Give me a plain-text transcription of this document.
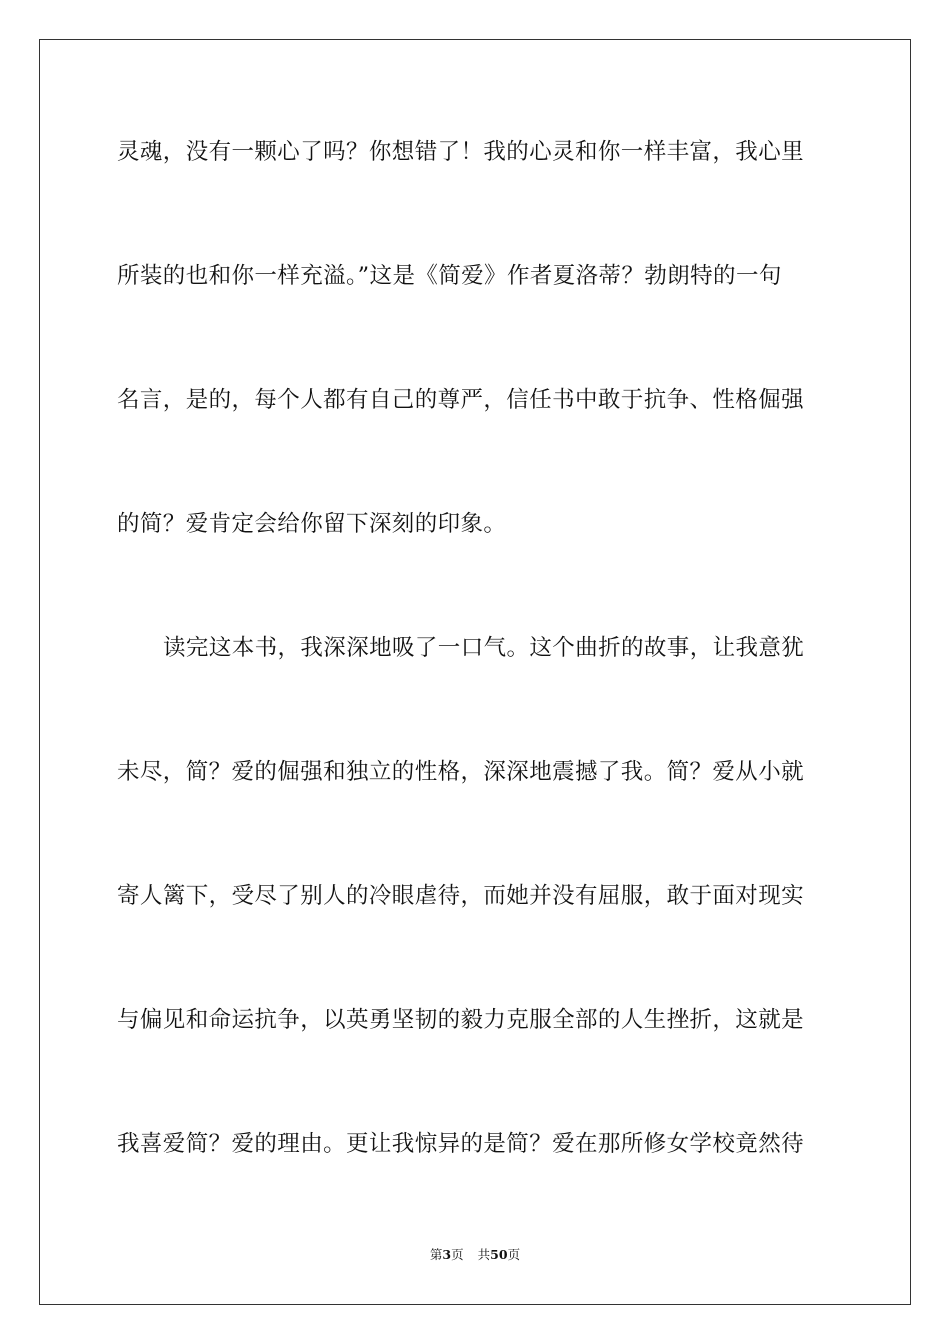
灵魂，没有一颗心了吗？你想错了！我的心灵和你一样丰富，我心里
所装的也和你一样充溢。”这是《简爱》作者夏洛蒂？勃朗特的一句
名言，是的，每个人都有自己的尊严，信任书中敢于抗争、性格倔强
的简？爱肯定会给你留下深刻的印象。
读完这本书，我深深地吸了一口气。这个曲折的故事，让我意犹
未尽，简？爱的倔强和独立的性格，深深地震撼了我。简？爱从小就
寄人篱下，受尽了别人的冷眼虐待，而她并没有屈服，敢于面对现实
与偏见和命运抗争，以英勇坚韧的毅力克服全部的人生挫折，这就是
我喜爱简？爱的理由。更让我惊异的是简？爱在那所修女学校竟然待
第3页 共50页
